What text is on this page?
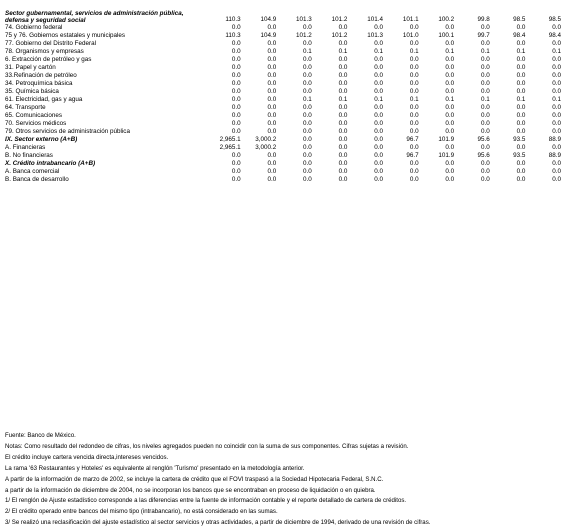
Sector gubernamental, servicios de administración pública, defensa y seguridad social	110.3	104.9	101.3	101.2	101.4	101.1	100.2	99.8	98.5	98.5
74. Gobierno federal	0.0	0.0	0.0	0.0	0.0	0.0	0.0	0.0	0.0	0.0
75 y 76. Gobiernos estatales y municipales	110.3	104.9	101.2	101.2	101.3	101.0	100.1	99.7	98.4	98.4
77. Gobierno del Distrito Federal	0.0	0.0	0.0	0.0	0.0	0.0	0.0	0.0	0.0	0.0
78. Organismos y empresas	0.0	0.0	0.1	0.1	0.1	0.1	0.1	0.1	0.1	0.1
6. Extracción de petróleo y gas	0.0	0.0	0.0	0.0	0.0	0.0	0.0	0.0	0.0	0.0
31. Papel y cartón	0.0	0.0	0.0	0.0	0.0	0.0	0.0	0.0	0.0	0.0
33.Refinación de petróleo	0.0	0.0	0.0	0.0	0.0	0.0	0.0	0.0	0.0	0.0
34. Petroquímica básica	0.0	0.0	0.0	0.0	0.0	0.0	0.0	0.0	0.0	0.0
35. Química básica	0.0	0.0	0.0	0.0	0.0	0.0	0.0	0.0	0.0	0.0
61. Electricidad, gas y agua	0.0	0.0	0.1	0.1	0.1	0.1	0.1	0.1	0.1	0.1
64. Transporte	0.0	0.0	0.0	0.0	0.0	0.0	0.0	0.0	0.0	0.0
65. Comunicaciones	0.0	0.0	0.0	0.0	0.0	0.0	0.0	0.0	0.0	0.0
70. Servicios médicos	0.0	0.0	0.0	0.0	0.0	0.0	0.0	0.0	0.0	0.0
79. Otros servicios de administración pública	0.0	0.0	0.0	0.0	0.0	0.0	0.0	0.0	0.0	0.0
IX. Sector externo (A+B)	2,965.1	3,000.2	0.0	0.0	0.0	96.7	101.9	95.6	93.5	88.9
A. Financieras	2,965.1	3,000.2	0.0	0.0	0.0	0.0	0.0	0.0	0.0	0.0
B. No financieras	0.0	0.0	0.0	0.0	0.0	96.7	101.9	95.6	93.5	88.9
X. Crédito intrabancario (A+B)	0.0	0.0	0.0	0.0	0.0	0.0	0.0	0.0	0.0	0.0
A. Banca comercial	0.0	0.0	0.0	0.0	0.0	0.0	0.0	0.0	0.0	0.0
B. Banca de desarrollo	0.0	0.0	0.0	0.0	0.0	0.0	0.0	0.0	0.0	0.0
Fuente: Banco de México.
Notas: Como resultado del redondeo de cifras, los niveles agregados pueden no coincidir con la suma de sus componentes. Cifras sujetas a revisión.
El crédito incluye cartera vencida directa,intereses vencidos.
La rama '63 Restaurantes y Hoteles' es equivalente al renglón 'Turismo' presentado en la metodología anterior.
A partir de la información de marzo de 2002, se incluye la cartera de crédito que el FOVI traspasó a la Sociedad Hipotecaria Federal, S.N.C.
a partir de la información de diciembre de 2004, no se incorporan los bancos que se encontraban en proceso de liquidación o en quiebra.
1/ El renglón de Ajuste estadístico corresponde a las diferencias entre la fuente de información contable y el reporte detallado de cartera de créditos.
2/ El crédito operado entre bancos del mismo tipo (intrabancario), no está considerado en las sumas.
3/ Se realizó una reclasificación del ajuste estadístico al sector servicios y otras actividades, a partir de diciembre de 1994, derivado de una revisión de cifras.
